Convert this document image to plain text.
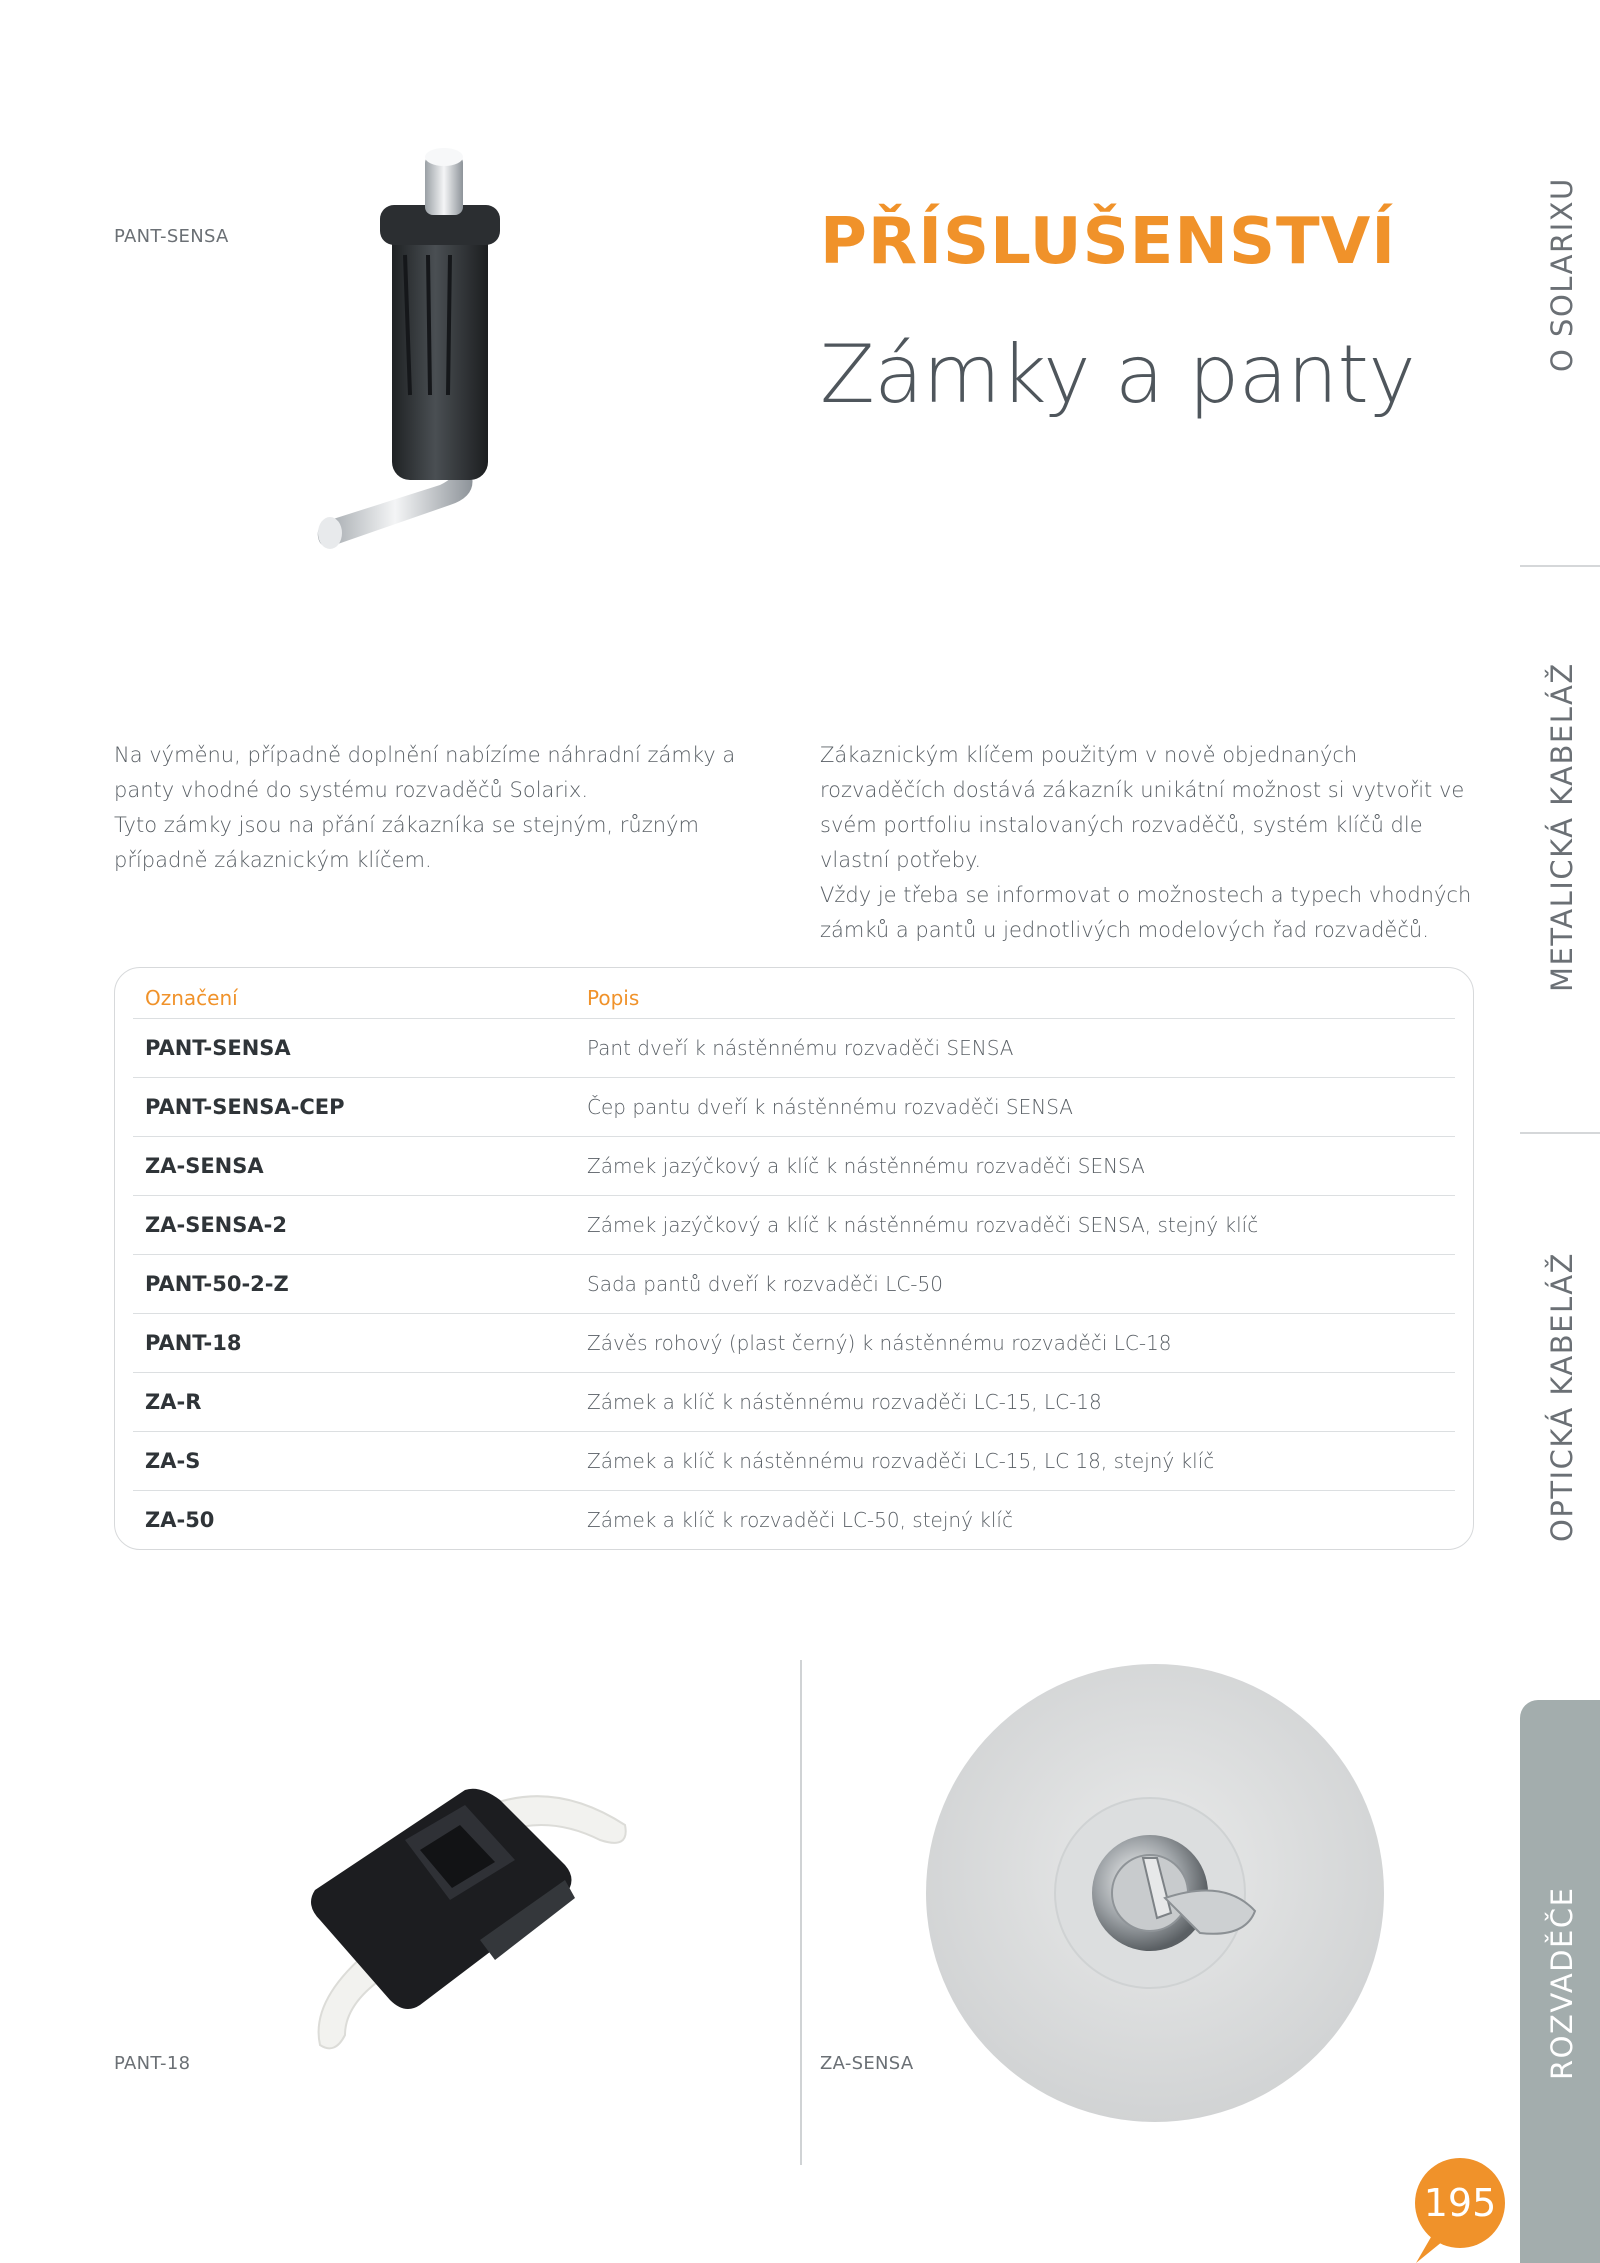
PANT-SENSA	PŘÍSLUŠENSTVÍ
Zámky a panty

Na výměnu, případně doplnění nabízíme náhradní zámky a panty vhodné do systému rozvaděčů Solarix.

Tyto zámky jsou na přání zákazníka se stejným, různým případně zákaznickým klíčem.

Zákaznickým klíčem použitým v nově objednaných rozvaděčích dostává zákazník unikátní možnost si vytvořit ve svém portfoliu instalovaných rozvaděčů, systém klíčů dle vlastní potřeby.

Vždy je třeba se informovat o možnostech a typech vhodných zámků a pantů u jednotlivých modelových řad rozvaděčů.

Označení	Popis
PANT-SENSA	Pant dveří k nástěnnému rozvaděči SENSA
PANT-SENSA-CEP	Čep pantu dveří k nástěnnému rozvaděči SENSA
ZA-SENSA	Zámek jazýčkový a klíč k nástěnnému rozvaděči SENSA
ZA-SENSA-2	Zámek jazýčkový a klíč k nástěnnému rozvaděči SENSA, stejný klíč
PANT-50-2-Z	Sada pantů dveří k rozvaděči LC-50
PANT-18	Závěs rohový (plast černý) k nástěnnému rozvaděči LC-18
ZA-R	Zámek a klíč k nástěnnému rozvaděči LC-15, LC-18
ZA-S	Zámek a klíč k nástěnnému rozvaděči LC-15, LC 18, stejný klíč
ZA-50	Zámek a klíč k rozvaděči LC-50, stejný klíč
PANT-18	ZA-SENSA
O SOLARIXU
METALICKÁ KABELÁŽ
OPTICKÁ KABELÁŽ
ROZVADĚČE
195
